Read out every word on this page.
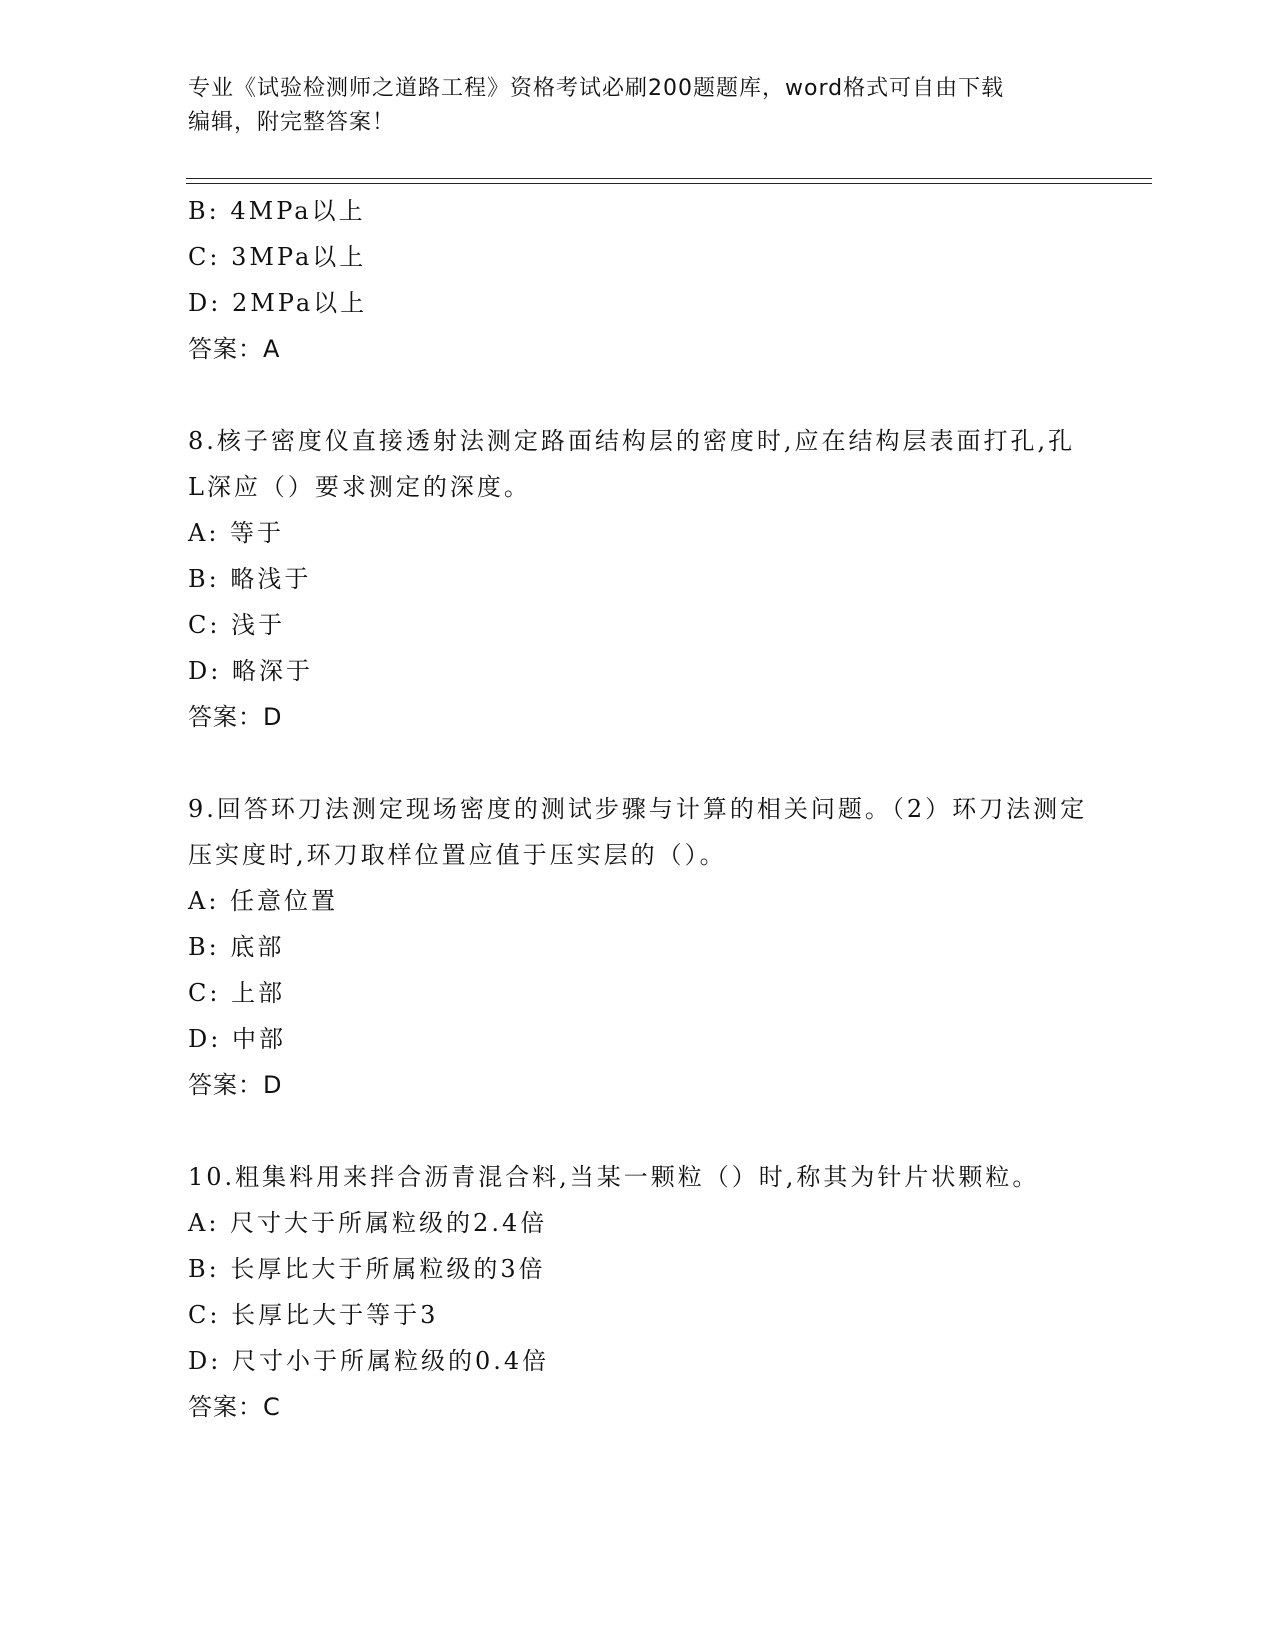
专业《试验检测师之道路工程》资格考试必刷200题题库，word格式可自由下载
编辑，附完整答案！
B: 4MPa以上
C: 3MPa以上
D: 2MPa以上
答案：A
8.核子密度仪直接透射法测定路面结构层的密度时,应在结构层表面打孔,孔L深应（）要求测定的深度。
A: 等于
B: 略浅于
C: 浅于
D: 略深于
答案：D
9.回答环刀法测定现场密度的测试步骤与计算的相关问题。（2）环刀法测定压实度时,环刀取样位置应值于压实层的（）。
A: 任意位置
B: 底部
C: 上部
D: 中部
答案：D
10.粗集料用来拌合沥青混合料,当某一颗粒（）时,称其为针片状颗粒。
A: 尺寸大于所属粒级的2.4倍
B: 长厚比大于所属粒级的3倍
C: 长厚比大于等于3
D: 尺寸小于所属粒级的0.4倍
答案：C
